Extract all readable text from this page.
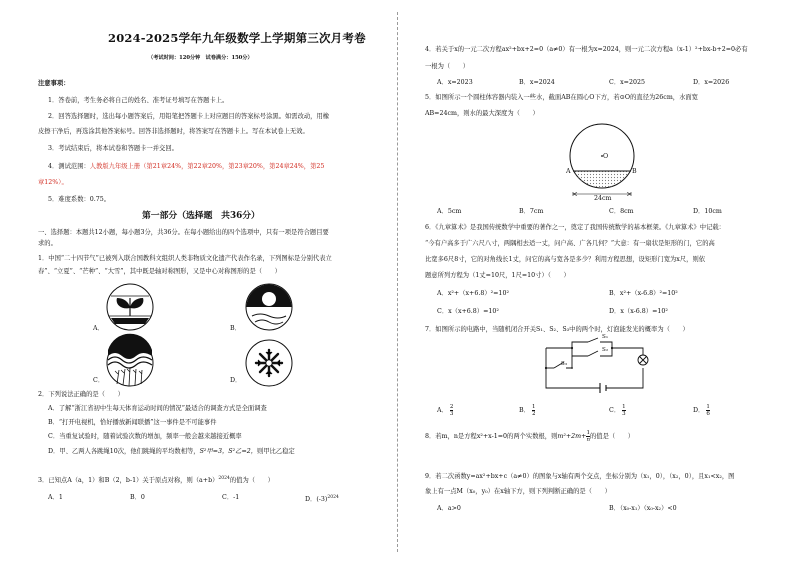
2024-2025学年九年级数学上学期第三次月考卷
（考试时间：120分钟　试卷满分：150分）
注意事项：
1．答卷前，考生务必将自己的姓名、准考证号填写在答题卡上。
2．回答选择题时，选出每小题答案后，用铅笔把答题卡上对应题目的答案标号涂黑。如需改动，用橡
皮擦干净后，再选涂其他答案标号。回答非选择题时，将答案写在答题卡上。写在本试卷上无效。
3．考试结束后，将本试卷和答题卡一并交回。
4．测试范围：人教版九年级上册（第21章24%，第22章20%，第23章20%，第24章24%，第25
章12%）。
5．难度系数：0.75。
第一部分（选择题　共36分）
一、选择题：本题共12小题，每小题3分，共36分。在每小题给出的四个选项中，只有一项是符合题目要
求的。
1．中国“二十四节气”已被列入联合国教科文组织人类非物质文化遗产代表作名录，下列图标是分别代表立
春”、“立夏”、“芒种”、“大雪”，其中既是轴对称图形，又是中心对称图形的是（　　）
A．	B．
C．	D．
2．下列说法正确的是（　　）
A．了解“浙江省初中生每天体育运动时间的情况”最适合的调查方式是全面调查
B．“打开电视机，恰好播放新闻联播”这一事件是不可能事件
C．当重复试验时，随着试验次数的增加，频率一般会越来越接近概率
D．甲、乙两人各跳绳10次，他们跳绳的平均数相等，S²甲=3，S²乙=2，则甲比乙稳定
3．已知点A（a，1）和B（2，b-1）关于原点对称，则$(a+b)^{2024}$的值为（　　）
A．1	B．0	C．-1	D．$(-3)^{2024}$
4．若关于x的一元二次方程ax²+bx+2=0（a≠0）有一根为x=2024，则一元二次方程a（x-1）²+bx-b+2=0必有
一根为（　　）
A．x=2023	B．x=2024	C．x=2025	D．x=2026
5．如图所示一个圆柱体容器内装入一些水，截面AB在圆心O下方，若⊙O的直径为26cm，水面宽
AB=24cm，则水的最大深度为（　　）
O
A	B
24cm
A．5cm	B．7cm	C．8cm	D．10cm
6．《九章算术》是我国传统数学中重要的著作之一，奠定了我国传统数学的基本框架。《九章算术》中记载：
“今有户高多于广六尺八寸，两隅相去适一丈，问户高、广各几何？”大意：有一扇状是矩形的门，它的高
比宽多6尺8寸，它的对角线长1丈，问它的高与宽各是多少？利用方程思想，设矩形门宽为x尺，则依
题意所列方程为（1丈=10尺，1尺=10寸）（　　）
A．x²+（x+6.8）²=10²	B．x²+（x-6.8）²=10²
C．x（x+6.8）=10²	D．x（x-6.8）=10²
7．如图所示的电路中，当随机闭合开关S₁、S₂、S₃中的两个时，灯泡能发光的概率为（　　）
S₁
S₂
S₃
A． $\frac{2}{3}$	B． $\frac{1}{2}$	C． $\frac{1}{3}$	D． $\frac{1}{6}$
8．若m，n是方程x²+x-1=0的两个实数根，则$m^2+2m+ \frac{1}{n}$ 的值是（　　）
9．若二次函数y=ax²+bx+c（a≠0）的图象与x轴有两个交点，坐标分别为（x₁，0），（x₂，0），且x₁<x₂，图
象上有一点M（x₀，y₀）在x轴下方，则下列判断正确的是（　　）
A．a>0	B．（x₀-x₁）（x₀-x₂）<0
